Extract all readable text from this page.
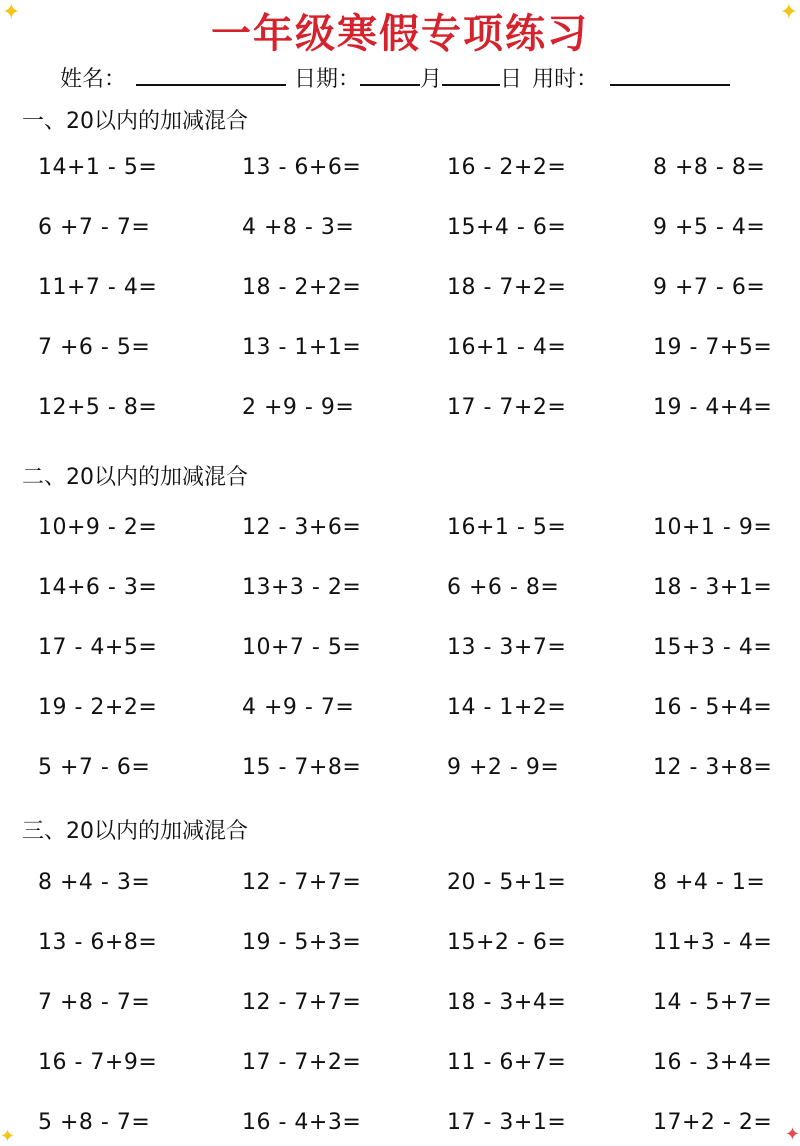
✦	✦
✦	✦
一年级寒假专项练习
姓名：	日期：	月	日 用时：
一、20以内的加减混合
14+1 - 5=	13 - 6+6=	16 - 2+2=	8 +8 - 8=
6 +7 - 7=	4 +8 - 3=	15+4 - 6=	9 +5 - 4=
11+7 - 4=	18 - 2+2=	18 - 7+2=	9 +7 - 6=
7 +6 - 5=	13 - 1+1=	16+1 - 4=	19 - 7+5=
12+5 - 8=	2 +9 - 9=	17 - 7+2=	19 - 4+4=
二、20以内的加减混合
10+9 - 2=	12 - 3+6=	16+1 - 5=	10+1 - 9=
14+6 - 3=	13+3 - 2=	6 +6 - 8=	18 - 3+1=
17 - 4+5=	10+7 - 5=	13 - 3+7=	15+3 - 4=
19 - 2+2=	4 +9 - 7=	14 - 1+2=	16 - 5+4=
5 +7 - 6=	15 - 7+8=	9 +2 - 9=	12 - 3+8=
三、20以内的加减混合
8 +4 - 3=	12 - 7+7=	20 - 5+1=	8 +4 - 1=
13 - 6+8=	19 - 5+3=	15+2 - 6=	11+3 - 4=
7 +8 - 7=	12 - 7+7=	18 - 3+4=	14 - 5+7=
16 - 7+9=	17 - 7+2=	11 - 6+7=	16 - 3+4=
5 +8 - 7=	16 - 4+3=	17 - 3+1=	17+2 - 2=
